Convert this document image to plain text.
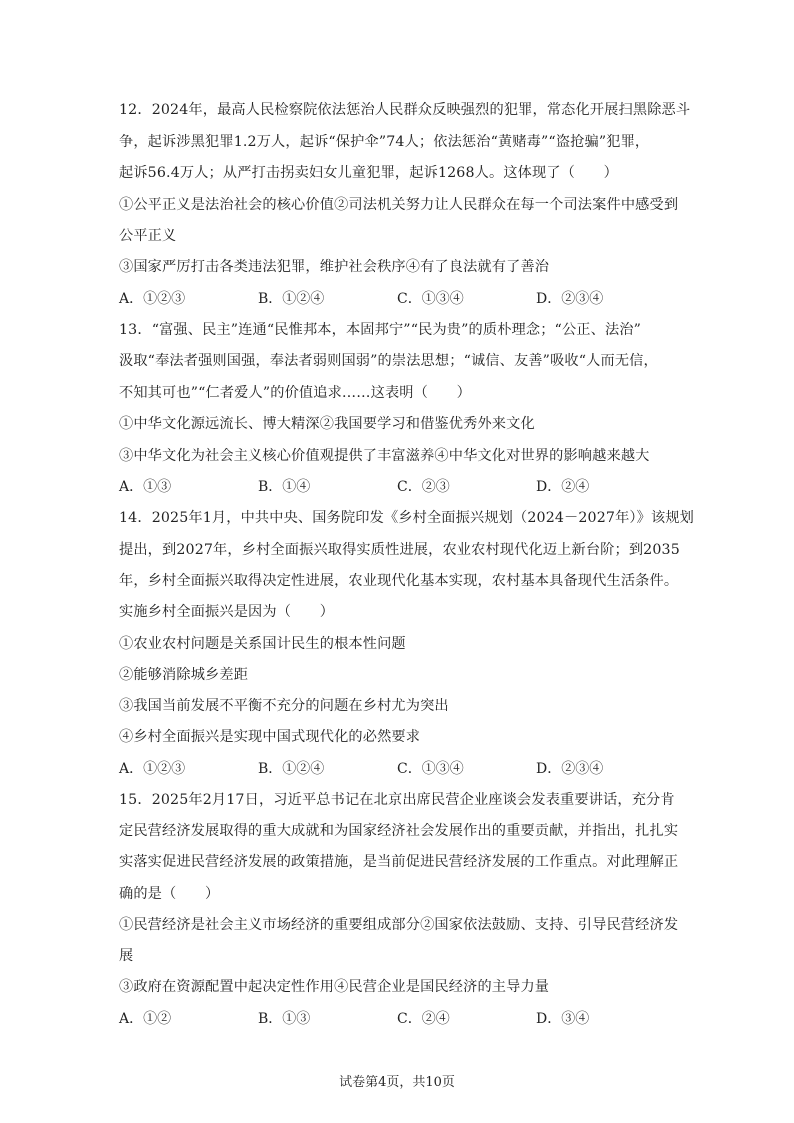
12．2024年，最高人民检察院依法惩治人民群众反映强烈的犯罪，常态化开展扫黑除恶斗
争，起诉涉黑犯罪1.2万人，起诉“保护伞”74人；依法惩治“黄赌毒”“盗抢骗”犯罪，
起诉56.4万人；从严打击拐卖妇女儿童犯罪，起诉1268人。这体现了（　　）
①公平正义是法治社会的核心价值②司法机关努力让人民群众在每一个司法案件中感受到
公平正义
③国家严厉打击各类违法犯罪，维护社会秩序④有了良法就有了善治
A．①②③	B．①②④	C．①③④	D．②③④
13．“富强、民主”连通“民惟邦本，本固邦宁”“民为贵”的质朴理念；“公正、法治”
汲取“奉法者强则国强，奉法者弱则国弱”的崇法思想；“诚信、友善”吸收“人而无信，
不知其可也”“仁者爱人”的价值追求……这表明（　　）
①中华文化源远流长、博大精深②我国要学习和借鉴优秀外来文化
③中华文化为社会主义核心价值观提供了丰富滋养④中华文化对世界的影响越来越大
A．①③	B．①④	C．②③	D．②④
14．2025年1月，中共中央、国务院印发《乡村全面振兴规划（2024－2027年）》该规划
提出，到2027年，乡村全面振兴取得实质性进展，农业农村现代化迈上新台阶；到2035
年，乡村全面振兴取得决定性进展，农业现代化基本实现，农村基本具备现代生活条件。
实施乡村全面振兴是因为（　　）
①农业农村问题是关系国计民生的根本性问题
②能够消除城乡差距
③我国当前发展不平衡不充分的问题在乡村尤为突出
④乡村全面振兴是实现中国式现代化的必然要求
A．①②③	B．①②④	C．①③④	D．②③④
15．2025年2月17日，习近平总书记在北京出席民营企业座谈会发表重要讲话，充分肯
定民营经济发展取得的重大成就和为国家经济社会发展作出的重要贡献，并指出，扎扎实
实落实促进民营经济发展的政策措施，是当前促进民营经济发展的工作重点。对此理解正
确的是（　　）
①民营经济是社会主义市场经济的重要组成部分②国家依法鼓励、支持、引导民营经济发
展
③政府在资源配置中起决定性作用④民营企业是国民经济的主导力量
A．①②	B．①③	C．②④	D．③④
试卷第4页，共10页
